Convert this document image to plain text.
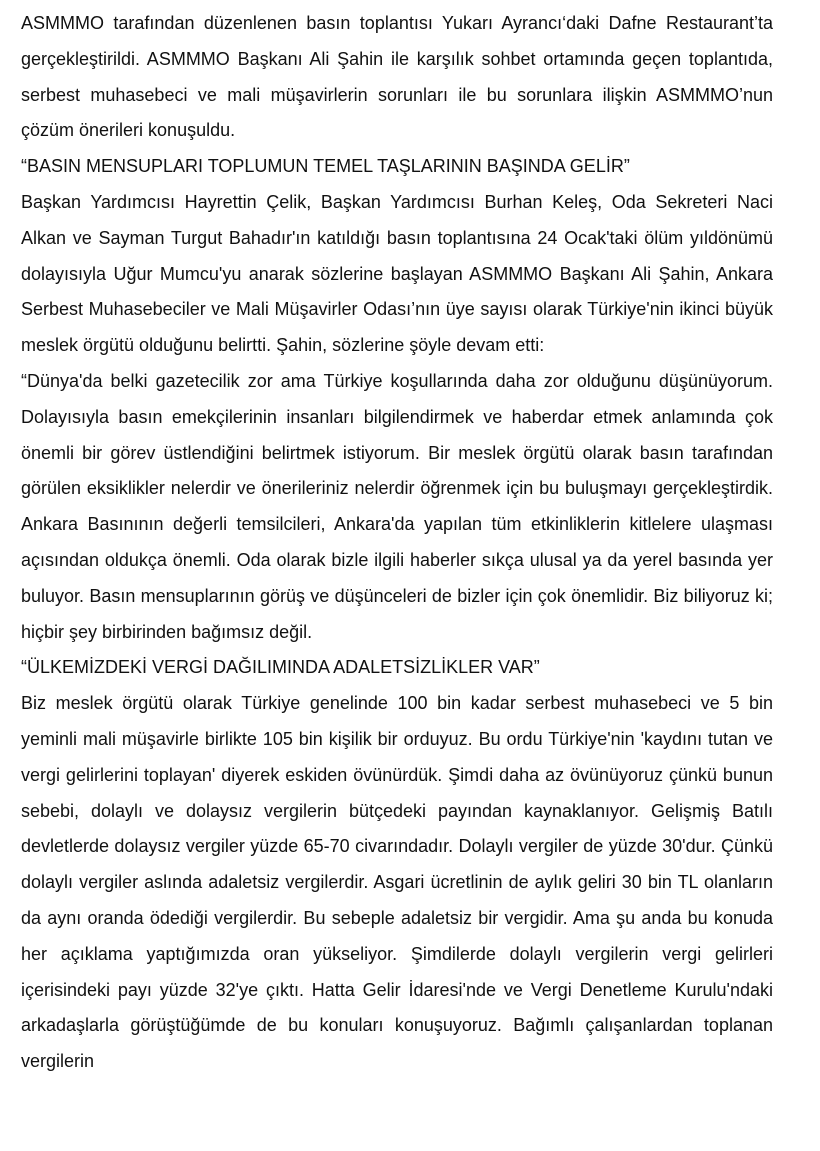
ASMMMO tarafından düzenlenen basın toplantısı Yukarı Ayrancı‘daki Dafne Restaurant’ta gerçekleştirildi. ASMMMO Başkanı Ali Şahin ile karşılık sohbet ortamında geçen toplantıda, serbest muhasebeci ve mali müşavirlerin sorunları ile bu sorunlara ilişkin ASMMMO’nun çözüm önerileri konuşuldu.

“BASIN MENSUPLARI TOPLUMUN TEMEL TAŞLARININ BAŞINDA GELİR”

Başkan Yardımcısı Hayrettin Çelik, Başkan Yardımcısı Burhan Keleş, Oda Sekreteri Naci Alkan ve Sayman Turgut Bahadır'ın katıldığı basın toplantısına 24 Ocak'taki ölüm yıldönümü dolayısıyla Uğur Mumcu'yu anarak sözlerine başlayan ASMMMO Başkanı Ali Şahin, Ankara Serbest Muhasebeciler ve Mali Müşavirler Odası’nın üye sayısı olarak Türkiye'nin ikinci büyük meslek örgütü olduğunu belirtti. Şahin, sözlerine şöyle devam etti:

“Dünya'da belki gazetecilik zor ama Türkiye koşullarında daha zor olduğunu düşünüyorum. Dolayısıyla basın emekçilerinin insanları bilgilendirmek ve haberdar etmek anlamında çok önemli bir görev üstlendiğini belirtmek istiyorum. Bir meslek örgütü olarak basın tarafından görülen eksiklikler nelerdir ve önerileriniz nelerdir öğrenmek için bu buluşmayı gerçekleştirdik. Ankara Basınının değerli temsilcileri, Ankara'da yapılan tüm etkinliklerin kitlelere ulaşması açısından oldukça önemli. Oda olarak bizle ilgili haberler sıkça ulusal ya da yerel basında yer buluyor. Basın mensuplarının görüş ve düşünceleri de bizler için çok önemlidir. Biz biliyoruz ki; hiçbir şey birbirinden bağımsız değil.

“ÜLKEMİZDEKİ VERGİ DAĞILIMINDA ADALETSİZLİKLER VAR”

Biz meslek örgütü olarak Türkiye genelinde 100 bin kadar serbest muhasebeci ve 5 bin yeminli mali müşavirle birlikte 105 bin kişilik bir orduyuz. Bu ordu Türkiye'nin 'kaydını tutan ve vergi gelirlerini toplayan' diyerek eskiden övünürdük. Şimdi daha az övünüyoruz çünkü bunun sebebi, dolaylı ve dolaysız vergilerin bütçedeki payından kaynaklanıyor. Gelişmiş Batılı devletlerde dolaysız vergiler yüzde 65-70 civarındadır. Dolaylı vergiler de yüzde 30'dur. Çünkü dolaylı vergiler aslında adaletsiz vergilerdir. Asgari ücretlinin de aylık geliri 30 bin TL olanların da aynı oranda ödediği vergilerdir. Bu sebeple adaletsiz bir vergidir. Ama şu anda bu konuda her açıklama yaptığımızda oran yükseliyor. Şimdilerde dolaylı vergilerin vergi gelirleri içerisindeki payı yüzde 32'ye çıktı. Hatta Gelir İdaresi'nde ve Vergi Denetleme Kurulu'ndaki arkadaşlarla görüştüğümde de bu konuları konuşuyoruz. Bağımlı çalışanlardan toplanan vergilerin
